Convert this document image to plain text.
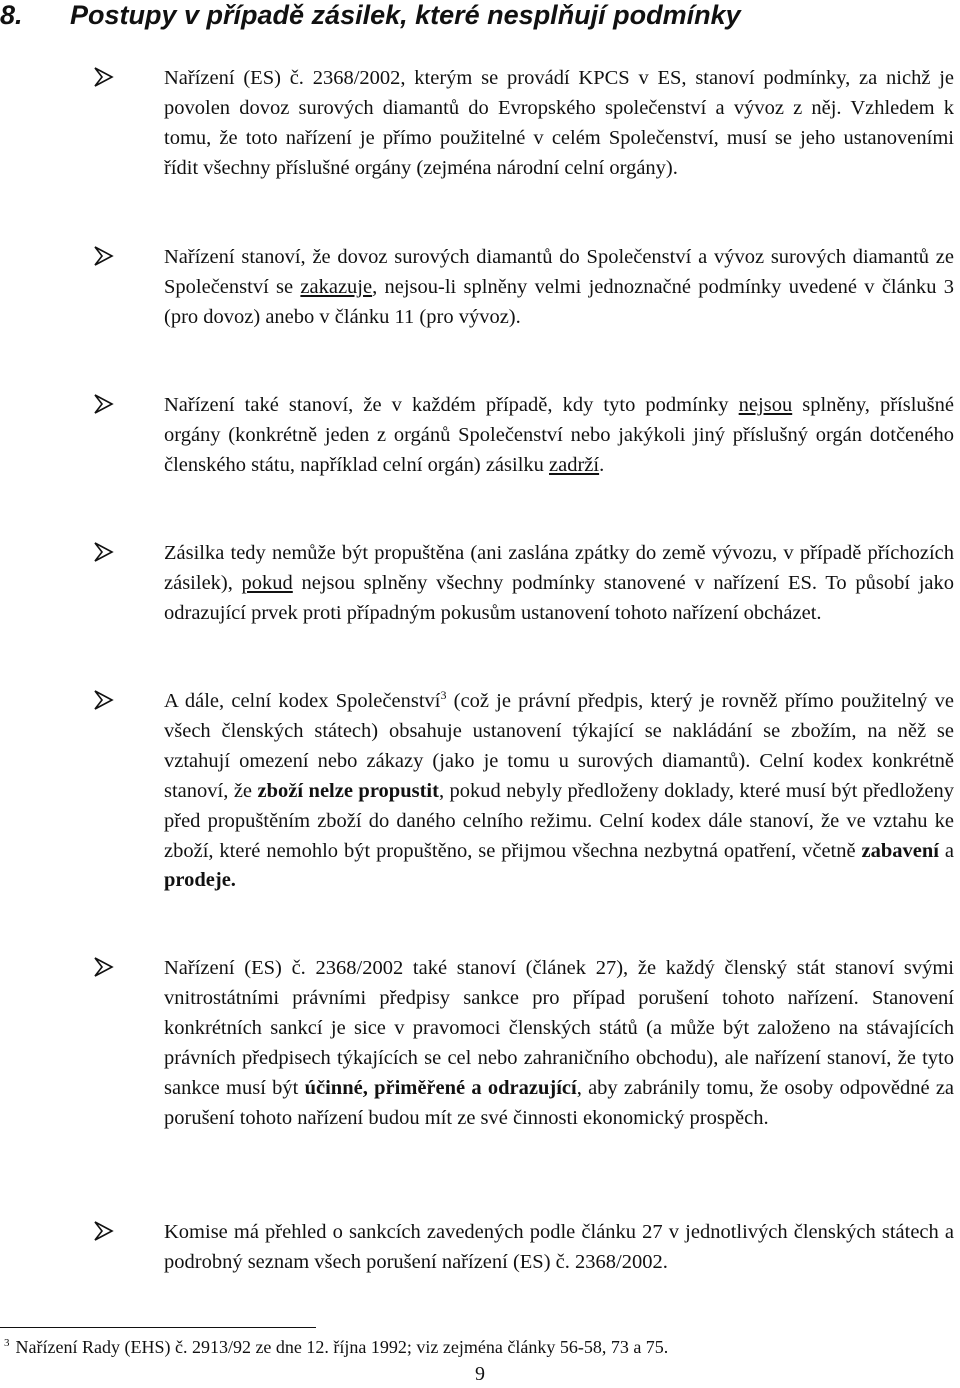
8. Postupy v případě zásilek, které nesplňují podmínky

Nařízení (ES) č. 2368/2002, kterým se provádí KPCS v ES, stanoví podmínky, za nichž je povolen dovoz surových diamantů do Evropského společenství a vývoz z něj. Vzhledem k tomu, že toto nařízení je přímo použitelné v celém Společenství, musí se jeho ustanoveními řídit všechny příslušné orgány (zejména národní celní orgány).

Nařízení stanoví, že dovoz surových diamantů do Společenství a vývoz surových diamantů ze Společenství se zakazuje, nejsou-li splněny velmi jednoznačné podmínky uvedené v článku 3 (pro dovoz) anebo v článku 11 (pro vývoz).

Nařízení také stanoví, že v každém případě, kdy tyto podmínky nejsou splněny, příslušné orgány (konkrétně jeden z orgánů Společenství nebo jakýkoli jiný příslušný orgán dotčeného členského státu, například celní orgán) zásilku zadrží.

Zásilka tedy nemůže být propuštěna (ani zaslána zpátky do země vývozu, v případě příchozích zásilek), pokud nejsou splněny všechny podmínky stanovené v nařízení ES. To působí jako odrazující prvek proti případným pokusům ustanovení tohoto nařízení obcházet.

A dále, celní kodex Společenství$^3$ (což je právní předpis, který je rovněž přímo použitelný ve všech členských státech) obsahuje ustanovení týkající se nakládání se zbožím, na něž se vztahují omezení nebo zákazy (jako je tomu u surových diamantů). Celní kodex konkrétně stanoví, že zboží nelze propustit, pokud nebyly předloženy doklady, které musí být předloženy před propuštěním zboží do daného celního režimu. Celní kodex dále stanoví, že ve vztahu ke zboží, které nemohlo být propuštěno, se přijmou všechna nezbytná opatření, včetně zabavení a prodeje.

Nařízení (ES) č. 2368/2002 také stanoví (článek 27), že každý členský stát stanoví svými vnitrostátními právními předpisy sankce pro případ porušení tohoto nařízení. Stanovení konkrétních sankcí je sice v pravomoci členských států (a může být založeno na stávajících právních předpisech týkajících se cel nebo zahraničního obchodu), ale nařízení stanoví, že tyto sankce musí být účinné, přiměřené a odrazující, aby zabránily tomu, že osoby odpovědné za porušení tohoto nařízení budou mít ze své činnosti ekonomický prospěch.

Komise má přehled o sankcích zavedených podle článku 27 v jednotlivých členských státech a podrobný seznam všech porušení nařízení (ES) č. 2368/2002.

$^3$ Nařízení Rady (EHS) č. 2913/92 ze dne 12. října 1992; viz zejména články 56-58, 73 a 75.

9
